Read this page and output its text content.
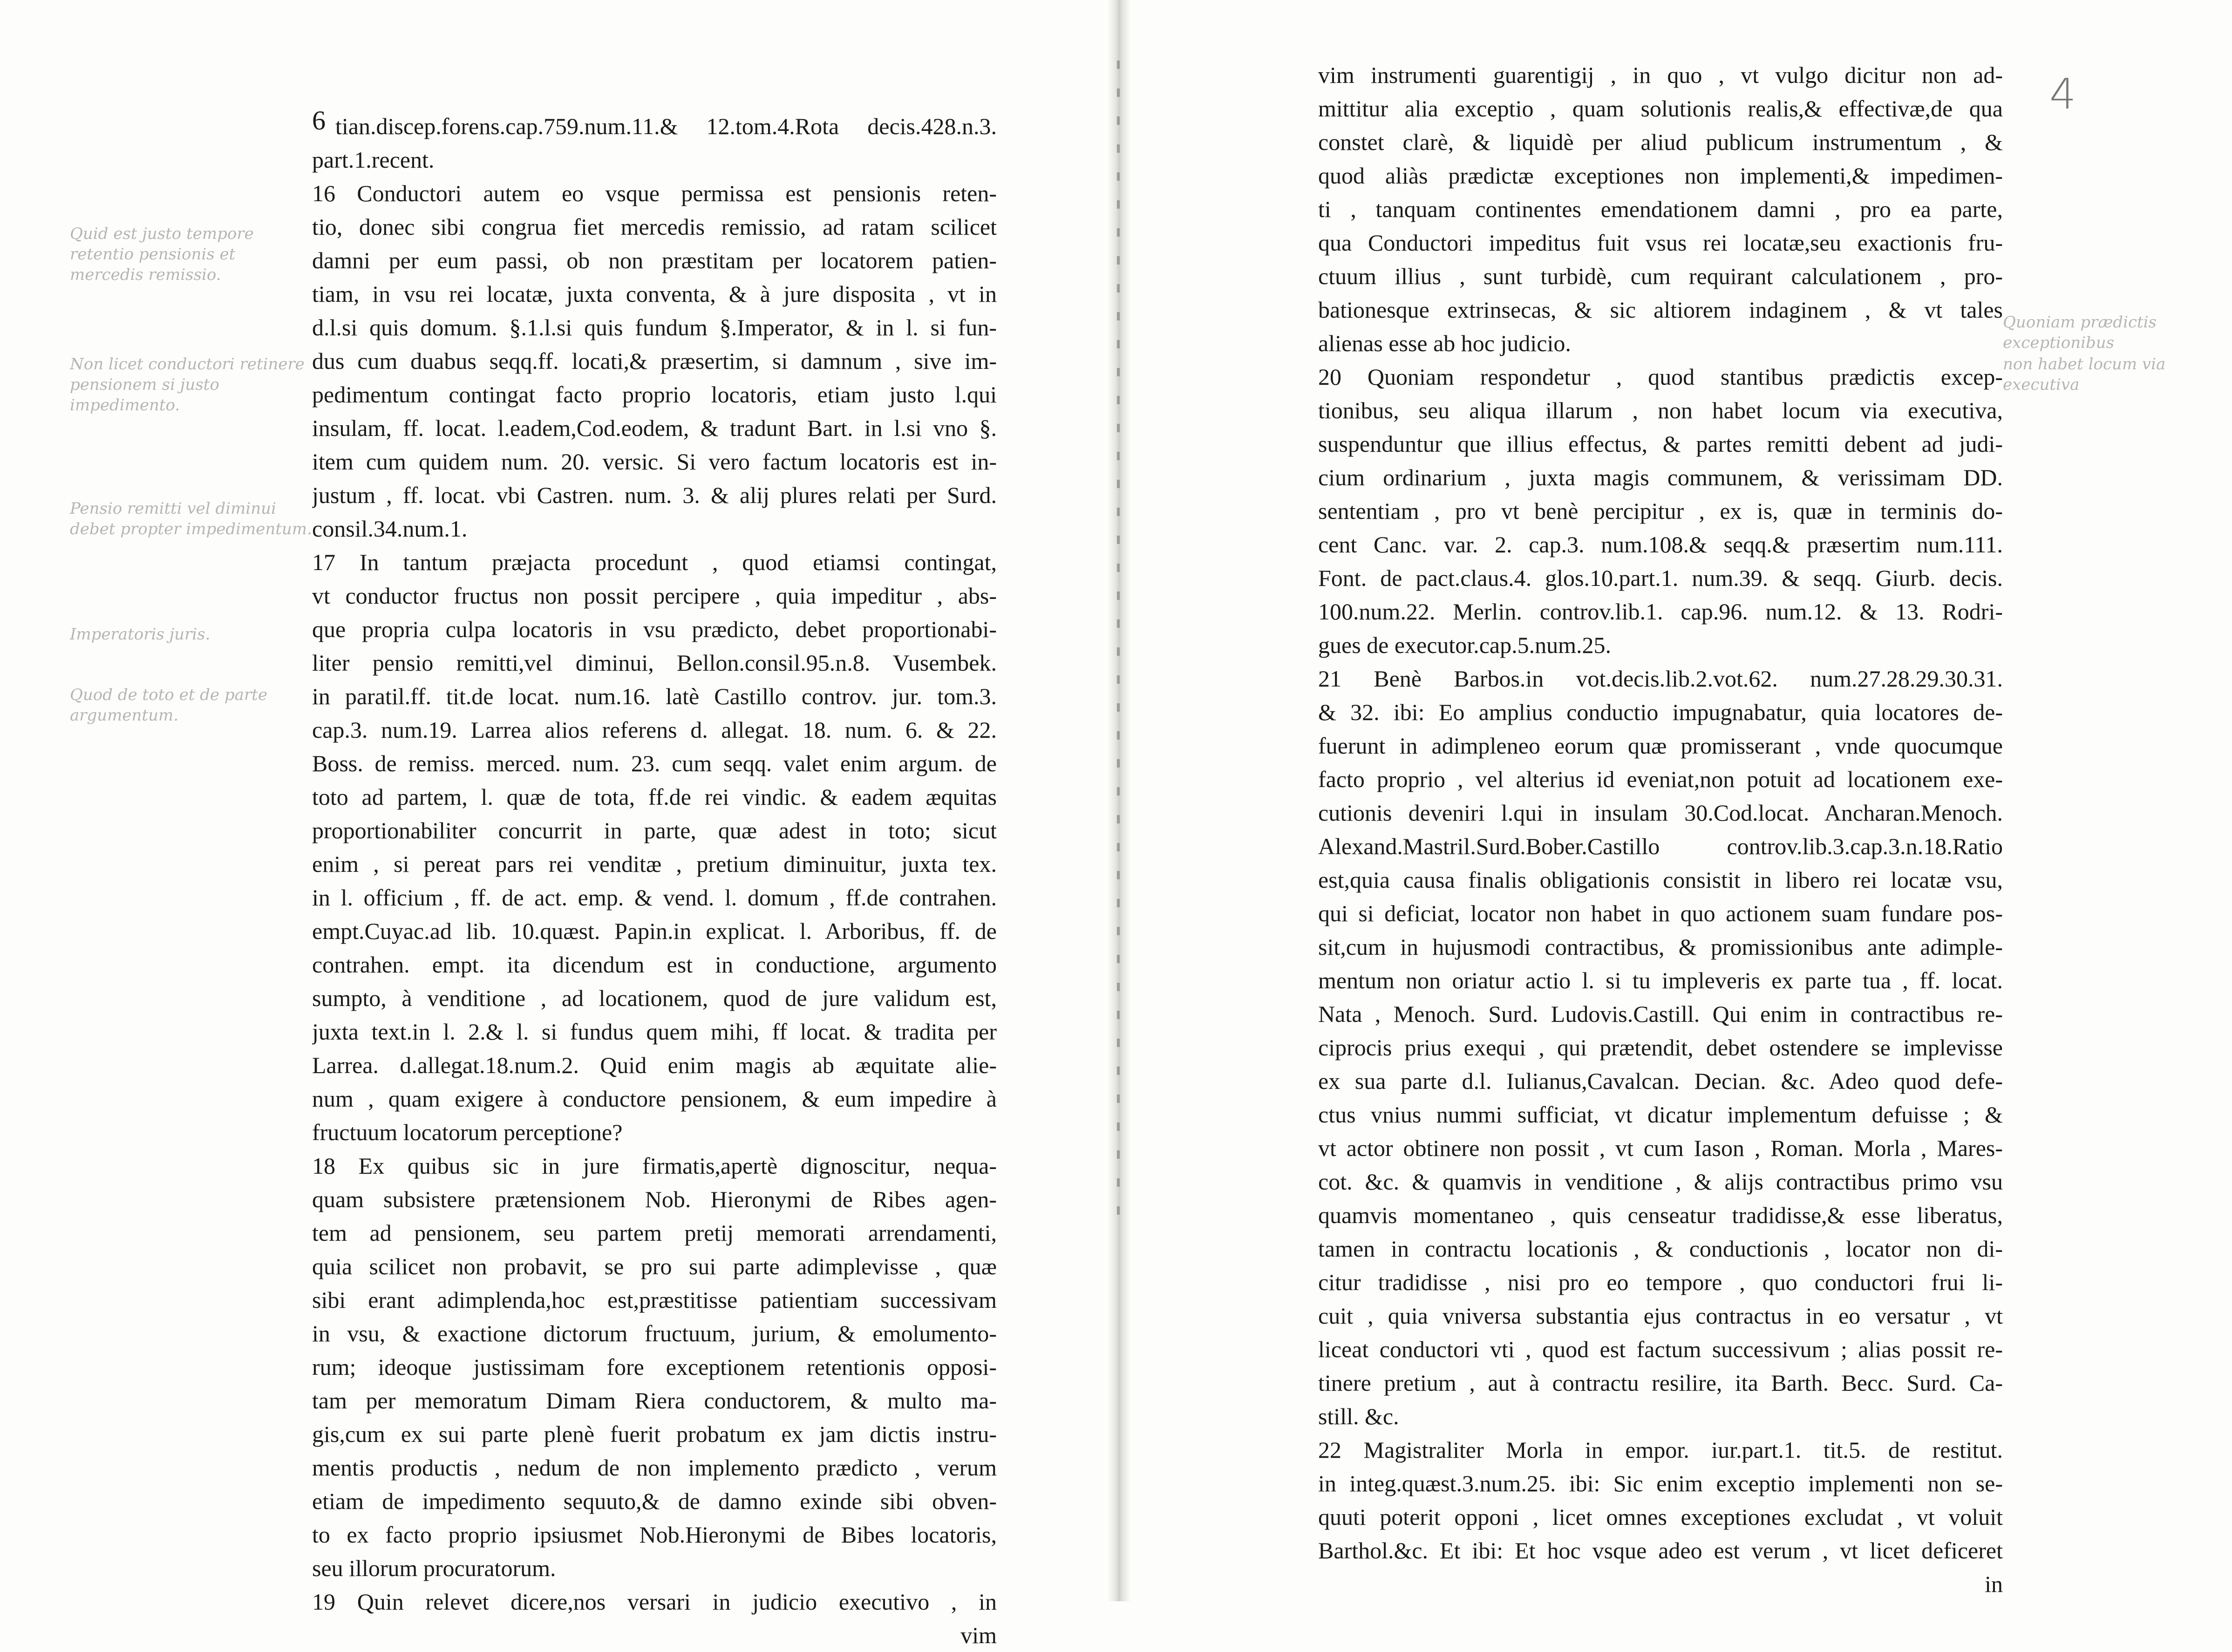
6
Quid est justo tempore retentio pensionis et mercedis remissio.
Non licet conductori retinere pensionem si justo impedimento.
Pensio remitti vel diminui debet propter impedimentum.
Imperatoris juris.
Quod de toto et de parte argumentum.
tian.discep.forens.cap.759.num.11.& 12.tom.4.Rota decis.428.n.3.
part.1.recent.
16 Conductori autem eo vsque permissa est pensionis reten-
tio, donec sibi congrua fiet mercedis remissio, ad ratam scilicet
damni per eum passi, ob non præstitam per locatorem patien-
tiam, in vsu rei locatæ, juxta conventa, & à jure disposita , vt in
d.l.si quis domum. §.1.l.si quis fundum §.Imperator, & in l. si fun-
dus cum duabus seqq.ff. locati,& præsertim, si damnum , sive im-
pedimentum contingat facto proprio locatoris, etiam justo l.qui
insulam, ff. locat. l.eadem,Cod.eodem, & tradunt Bart. in l.si vno §.
item cum quidem num. 20. versic. Si vero factum locatoris est in-
justum , ff. locat. vbi Castren. num. 3. & alij plures relati per Surd.
consil.34.num.1.
17 In tantum præjacta procedunt , quod etiamsi contingat,
vt conductor fructus non possit percipere , quia impeditur , abs-
que propria culpa locatoris in vsu prædicto, debet proportionabi-
liter pensio remitti,vel diminui, Bellon.consil.95.n.8. Vusembek.
in paratil.ff. tit.de locat. num.16. latè Castillo controv. jur. tom.3.
cap.3. num.19. Larrea alios referens d. allegat. 18. num. 6. & 22.
Boss. de remiss. merced. num. 23. cum seqq. valet enim argum. de
toto ad partem, l. quæ de tota, ff.de rei vindic. & eadem æquitas
proportionabiliter concurrit in parte, quæ adest in toto; sicut
enim , si pereat pars rei venditæ , pretium diminuitur, juxta tex.
in l. officium , ff. de act. emp. & vend. l. domum , ff.de contrahen.
empt.Cuyac.ad lib. 10.quæst. Papin.in explicat. l. Arboribus, ff. de
contrahen. empt. ita dicendum est in conductione, argumento
sumpto, à venditione , ad locationem, quod de jure validum est,
juxta text.in l. 2.& l. si fundus quem mihi, ff locat. & tradita per
Larrea. d.allegat.18.num.2. Quid enim magis ab æquitate alie-
num , quam exigere à conductore pensionem, & eum impedire à
fructuum locatorum perceptione?
18 Ex quibus sic in jure firmatis,apertè dignoscitur, nequa-
quam subsistere prætensionem Nob. Hieronymi de Ribes agen-
tem ad pensionem, seu partem pretij memorati arrendamenti,
quia scilicet non probavit, se pro sui parte adimplevisse , quæ
sibi erant adimplenda,hoc est,præstitisse patientiam successivam
in vsu, & exactione dictorum fructuum, jurium, & emolumento-
rum; ideoque justissimam fore exceptionem retentionis opposi-
tam per memoratum Dimam Riera conductorem, & multo ma-
gis,cum ex sui parte plenè fuerit probatum ex jam dictis instru-
mentis productis , nedum de non implemento prædicto , verum
etiam de impedimento sequuto,& de damno exinde sibi obven-
to ex facto proprio ipsiusmet Nob.Hieronymi de Bibes locatoris,
seu illorum procuratorum.
19 Quin relevet dicere,nos versari in judicio executivo , in
vim
4
Quoniam prædictis exceptionibus
non habet locum via executiva
vim instrumenti guarentigij , in quo , vt vulgo dicitur non ad-
mittitur alia exceptio , quam solutionis realis,& effectivæ,de qua
constet clarè, & liquidè per aliud publicum instrumentum , &
quod aliàs prædictæ exceptiones non implementi,& impedimen-
ti , tanquam continentes emendationem damni , pro ea parte,
qua Conductori impeditus fuit vsus rei locatæ,seu exactionis fru-
ctuum illius , sunt turbidè, cum requirant calculationem , pro-
bationesque extrinsecas, & sic altiorem indaginem , & vt tales
alienas esse ab hoc judicio.
20 Quoniam respondetur , quod stantibus prædictis excep-
tionibus, seu aliqua illarum , non habet locum via executiva,
suspenduntur que illius effectus, & partes remitti debent ad judi-
cium ordinarium , juxta magis communem, & verissimam DD.
sententiam , pro vt benè percipitur , ex is, quæ in terminis do-
cent Canc. var. 2. cap.3. num.108.& seqq.& præsertim num.111.
Font. de pact.claus.4. glos.10.part.1. num.39. & seqq. Giurb. decis.
100.num.22. Merlin. controv.lib.1. cap.96. num.12. & 13. Rodri-
gues de executor.cap.5.num.25.
21 Benè Barbos.in vot.decis.lib.2.vot.62. num.27.28.29.30.31.
& 32. ibi: Eo amplius conductio impugnabatur, quia locatores de-
fuerunt in adimpleneo eorum quæ promisserant , vnde quocumque
facto proprio , vel alterius id eveniat,non potuit ad locationem exe-
cutionis deveniri l.qui in insulam 30.Cod.locat. Ancharan.Menoch.
Alexand.Mastril.Surd.Bober.Castillo controv.lib.3.cap.3.n.18.Ratio
est,quia causa finalis obligationis consistit in libero rei locatæ vsu,
qui si deficiat, locator non habet in quo actionem suam fundare pos-
sit,cum in hujusmodi contractibus, & promissionibus ante adimple-
mentum non oriatur actio l. si tu impleveris ex parte tua , ff. locat.
Nata , Menoch. Surd. Ludovis.Castill. Qui enim in contractibus re-
ciprocis prius exequi , qui prætendit, debet ostendere se implevisse
ex sua parte d.l. Iulianus,Cavalcan. Decian. &c. Adeo quod defe-
ctus vnius nummi sufficiat, vt dicatur implementum defuisse ; &
vt actor obtinere non possit , vt cum Iason , Roman. Morla , Mares-
cot. &c. & quamvis in venditione , & alijs contractibus primo vsu
quamvis momentaneo , quis censeatur tradidisse,& esse liberatus,
tamen in contractu locationis , & conductionis , locator non di-
citur tradidisse , nisi pro eo tempore , quo conductori frui li-
cuit , quia vniversa substantia ejus contractus in eo versatur , vt
liceat conductori vti , quod est factum successivum ; alias possit re-
tinere pretium , aut à contractu resilire, ita Barth. Becc. Surd. Ca-
still. &c.
22 Magistraliter Morla in empor. iur.part.1. tit.5. de restitut.
in integ.quæst.3.num.25. ibi: Sic enim exceptio implementi non se-
quuti poterit opponi , licet omnes exceptiones excludat , vt voluit
Barthol.&c. Et ibi: Et hoc vsque adeo est verum , vt licet deficeret
in
